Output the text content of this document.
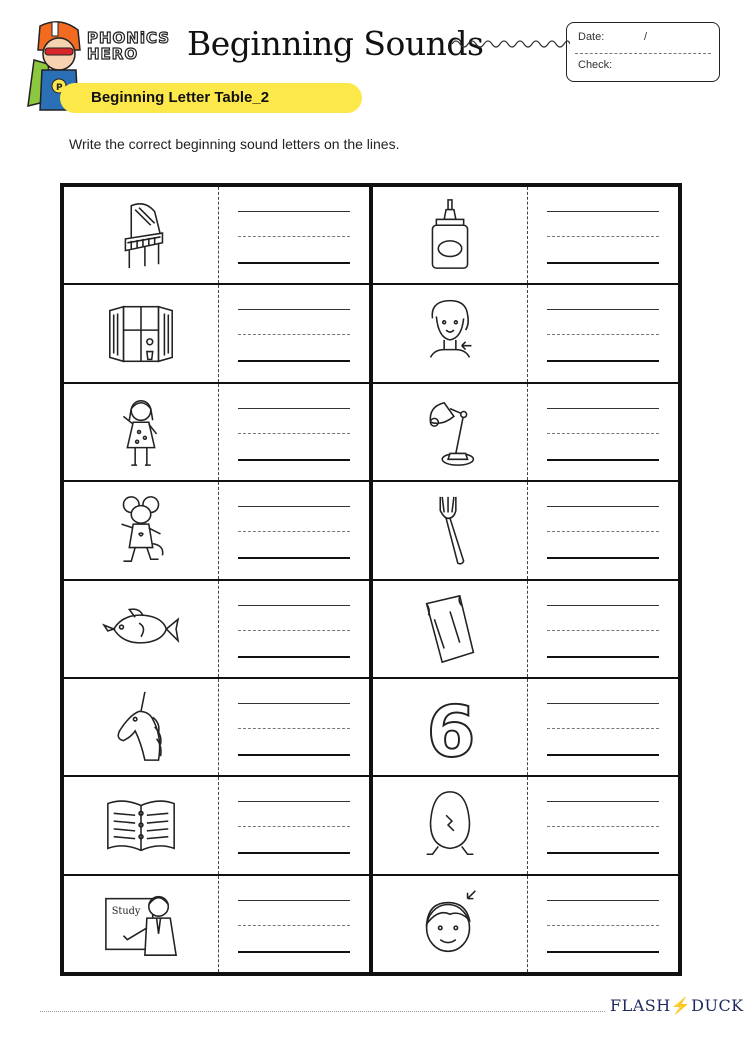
P
PHONiCS
HERO	Beginning Sounds	Date:	/
Check:
Beginning Letter Table_2
Write the correct beginning sound letters on the lines.
Study
6
FLASH⚡DUCK
